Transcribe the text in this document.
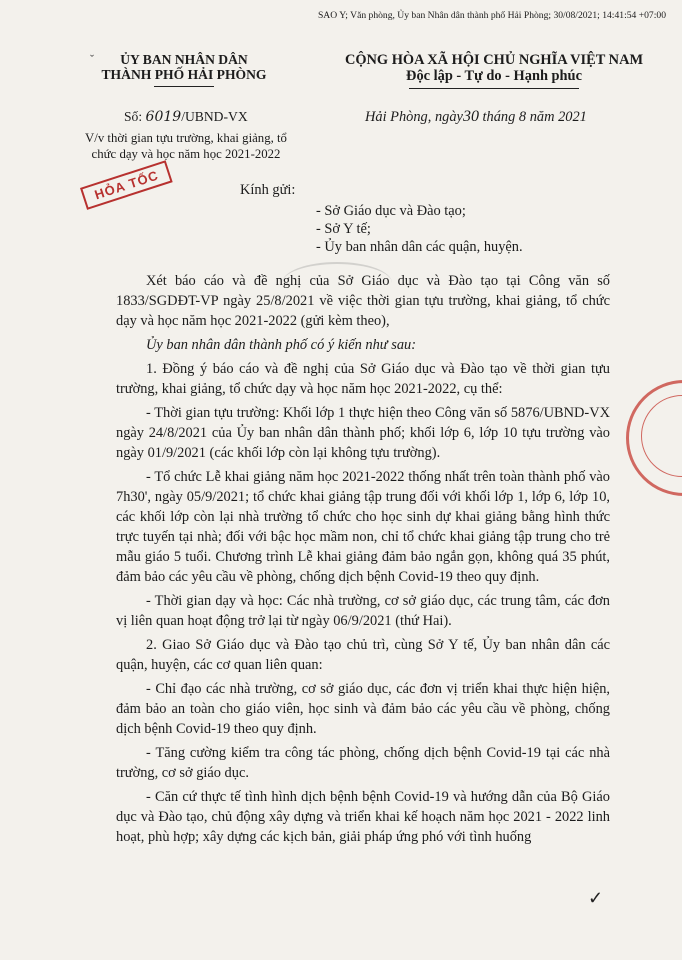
SAO Y; Văn phòng, Ủy ban Nhân dân thành phố Hải Phòng; 30/08/2021; 14:41:54 +07:00
ˇ	ỦY BAN NHÂN DÂN
THÀNH PHỐ HẢI PHÒNG
CỘNG HÒA XÃ HỘI CHỦ NGHĨA VIỆT NAM
Độc lập - Tự do - Hạnh phúc
Số: 6019/UBND-VX
V/v thời gian tựu trường, khai giảng, tổ
chức dạy và học năm học 2021-2022
Hải Phòng, ngày30 tháng 8 năm 2021
HỎA TỐC	Kính gửi:
- Sở Giáo dục và Đào tạo;
- Sở Y tế;
- Ủy ban nhân dân các quận, huyện.

Xét báo cáo và đề nghị của Sở Giáo dục và Đào tạo tại Công văn số 1833/SGDĐT-VP ngày 25/8/2021 về việc thời gian tựu trường, khai giảng, tổ chức dạy và học năm học 2021-2022 (gửi kèm theo),

Ủy ban nhân dân thành phố có ý kiến như sau:

1. Đồng ý báo cáo và đề nghị của Sở Giáo dục và Đào tạo về thời gian tựu trường, khai giảng, tổ chức dạy và học năm học 2021-2022, cụ thể:

- Thời gian tựu trường: Khối lớp 1 thực hiện theo Công văn số 5876/UBND-VX ngày 24/8/2021 của Ủy ban nhân dân thành phố; khối lớp 6, lớp 10 tựu trường vào ngày 01/9/2021 (các khối lớp còn lại không tựu trường).

- Tổ chức Lễ khai giảng năm học 2021-2022 thống nhất trên toàn thành phố vào 7h30', ngày 05/9/2021; tổ chức khai giảng tập trung đối với khối lớp 1, lớp 6, lớp 10, các khối lớp còn lại nhà trường tổ chức cho học sinh dự khai giảng bằng hình thức trực tuyến tại nhà; đối với bậc học mầm non, chỉ tổ chức khai giảng tập trung cho trẻ mẫu giáo 5 tuổi. Chương trình Lễ khai giảng đảm bảo ngắn gọn, không quá 35 phút, đảm bảo các yêu cầu về phòng, chống dịch bệnh Covid-19 theo quy định.

- Thời gian dạy và học: Các nhà trường, cơ sở giáo dục, các trung tâm, các đơn vị liên quan hoạt động trở lại từ ngày 06/9/2021 (thứ Hai).

2. Giao Sở Giáo dục và Đào tạo chủ trì, cùng Sở Y tế, Ủy ban nhân dân các quận, huyện, các cơ quan liên quan:

- Chỉ đạo các nhà trường, cơ sở giáo dục, các đơn vị triển khai thực hiện hiện, đảm bảo an toàn cho giáo viên, học sinh và đảm bảo các yêu cầu về phòng, chống dịch bệnh Covid-19 theo quy định.

- Tăng cường kiểm tra công tác phòng, chống dịch bệnh Covid-19 tại các nhà trường, cơ sở giáo dục.

- Căn cứ thực tế tình hình dịch bệnh bệnh Covid-19 và hướng dẫn của Bộ Giáo dục và Đào tạo, chủ động xây dựng và triển khai kế hoạch năm học 2021 - 2022 linh hoạt, phù hợp; xây dựng các kịch bản, giải pháp ứng phó với tình huống

✓
